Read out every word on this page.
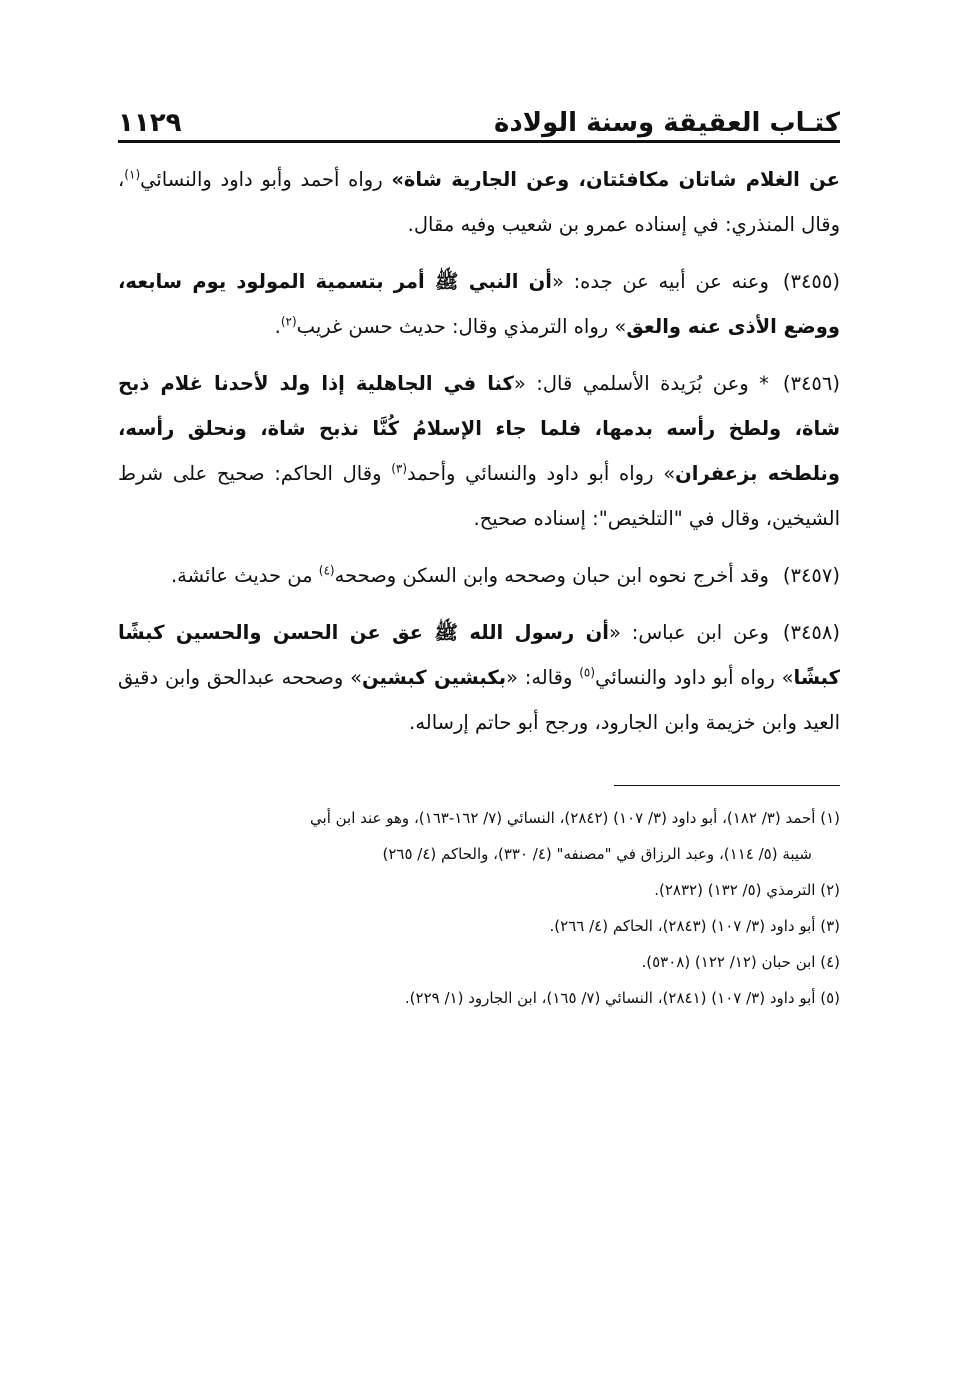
كتـاب العقيقة وسنة الولادة
١١٢٩

عن الغلام شاتان مكافئتان، وعن الجارية شاة» رواه أحمد وأبو داود والنسائي$^{(١)}$، وقال المنذري: في إسناده عمرو بن شعيب وفيه مقال.

(٣٤٥٥)وعنه عن أبيه عن جده: «أن النبي ﷺ أمر بتسمية المولود يوم سابعه، ووضع الأذى عنه والعق» رواه الترمذي وقال: حديث حسن غريب$^{(٢)}$.

(٣٤٥٦)* وعن بُرَيدة الأسلمي قال: «كنا في الجاهلية إذا ولد لأحدنا غلام ذبح شاة، ولطخ رأسه بدمها، فلما جاء الإسلامُ كُنَّا نذبح شاة، ونحلق رأسه، ونلطخه بزعفران» رواه أبو داود والنسائي وأحمد$^{(٣)}$ وقال الحاكم: صحيح على شرط الشيخين، وقال في "التلخيص": إسناده صحيح.

(٣٤٥٧)وقد أخرج نحوه ابن حبان وصححه وابن السكن وصححه$^{(٤)}$ من حديث عائشة.

(٣٤٥٨)وعن ابن عباس: «أن رسول الله ﷺ عق عن الحسن والحسين كبشًا كبشًا» رواه أبو داود والنسائي$^{(٥)}$ وقاله: «بكبشين كبشين» وصححه عبدالحق وابن دقيق العيد وابن خزيمة وابن الجارود، ورجح أبو حاتم إرساله.

(١) أحمد (٣/ ١٨٢)، أبو داود (٣/ ١٠٧) (٢٨٤٢)، النسائي (٧/ ١٦٢-١٦٣)، وهو عند ابن أبي

شيبة (٥/ ١١٤)، وعبد الرزاق في "مصنفه" (٤/ ٣٣٠)، والحاكم (٤/ ٢٦٥)

(٢) الترمذي (٥/ ١٣٢) (٢٨٣٢).

(٣) أبو داود (٣/ ١٠٧) (٢٨٤٣)، الحاكم (٤/ ٢٦٦).

(٤) ابن حبان (١٢/ ١٢٢) (٥٣٠٨).

(٥) أبو داود (٣/ ١٠٧) (٢٨٤١)، النسائي (٧/ ١٦٥)، ابن الجارود (١/ ٢٢٩).
